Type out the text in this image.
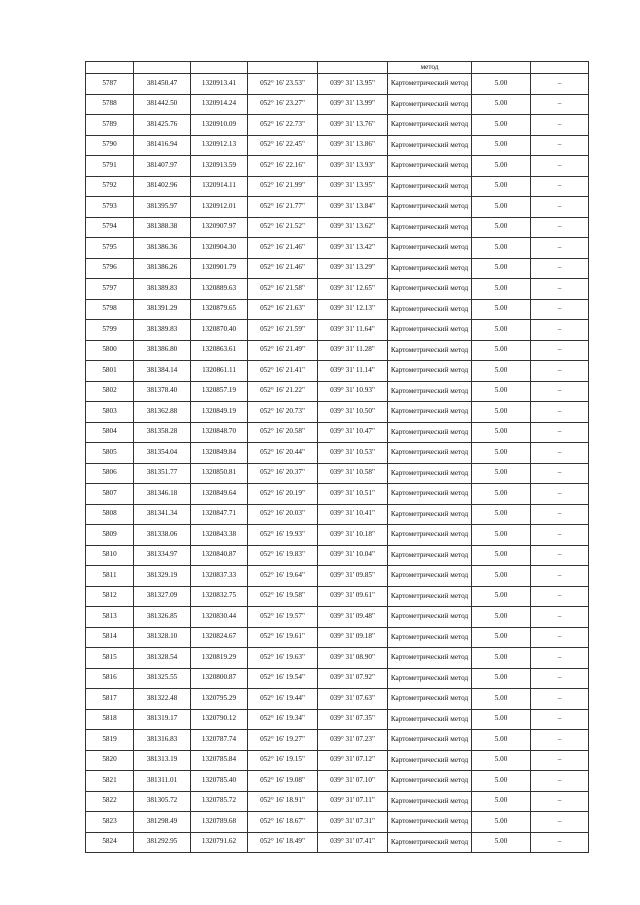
					метод		
5787	381450.47	1320913.41	052° 16' 23.53"	039° 31' 13.95"	Картометрический метод	5.00	–
5788	381442.50	1320914.24	052° 16' 23.27"	039° 31' 13.99"	Картометрический метод	5.00	–
5789	381425.76	1320910.09	052° 16' 22.73"	039° 31' 13.76"	Картометрический метод	5.00	–
5790	381416.94	1320912.13	052° 16' 22.45"	039° 31' 13.86"	Картометрический метод	5.00	–
5791	381407.97	1320913.59	052° 16' 22.16"	039° 31' 13.93"	Картометрический метод	5.00	–
5792	381402.96	1320914.11	052° 16' 21.99"	039° 31' 13.95"	Картометрический метод	5.00	–
5793	381395.97	1320912.01	052° 16' 21.77"	039° 31' 13.84"	Картометрический метод	5.00	–
5794	381388.38	1320907.97	052° 16' 21.52"	039° 31' 13.62"	Картометрический метод	5.00	–
5795	381386.36	1320904.30	052° 16' 21.46"	039° 31' 13.42"	Картометрический метод	5.00	–
5796	381386.26	1320901.79	052° 16' 21.46"	039° 31' 13.29"	Картометрический метод	5.00	–
5797	381389.83	1320889.63	052° 16' 21.58"	039° 31' 12.65"	Картометрический метод	5.00	–
5798	381391.29	1320879.65	052° 16' 21.63"	039° 31' 12.13"	Картометрический метод	5.00	–
5799	381389.83	1320870.40	052° 16' 21.59"	039° 31' 11.64"	Картометрический метод	5.00	–
5800	381386.80	1320863.61	052° 16' 21.49"	039° 31' 11.28"	Картометрический метод	5.00	–
5801	381384.14	1320861.11	052° 16' 21.41"	039° 31' 11.14"	Картометрический метод	5.00	–
5802	381378.40	1320857.19	052° 16' 21.22"	039° 31' 10.93"	Картометрический метод	5.00	–
5803	381362.88	1320849.19	052° 16' 20.73"	039° 31' 10.50"	Картометрический метод	5.00	–
5804	381358.28	1320848.70	052° 16' 20.58"	039° 31' 10.47"	Картометрический метод	5.00	–
5805	381354.04	1320849.84	052° 16' 20.44"	039° 31' 10.53"	Картометрический метод	5.00	–
5806	381351.77	1320850.81	052° 16' 20.37"	039° 31' 10.58"	Картометрический метод	5.00	–
5807	381346.18	1320849.64	052° 16' 20.19"	039° 31' 10.51"	Картометрический метод	5.00	–
5808	381341.34	1320847.71	052° 16' 20.03"	039° 31' 10.41"	Картометрический метод	5.00	–
5809	381338.06	1320843.38	052° 16' 19.93"	039° 31' 10.18"	Картометрический метод	5.00	–
5810	381334.97	1320840.87	052° 16' 19.83"	039° 31' 10.04"	Картометрический метод	5.00	–
5811	381329.19	1320837.33	052° 16' 19.64"	039° 31' 09.85"	Картометрический метод	5.00	–
5812	381327.09	1320832.75	052° 16' 19.58"	039° 31' 09.61"	Картометрический метод	5.00	–
5813	381326.85	1320830.44	052° 16' 19.57"	039° 31' 09.48"	Картометрический метод	5.00	–
5814	381328.10	1320824.67	052° 16' 19.61"	039° 31' 09.18"	Картометрический метод	5.00	–
5815	381328.54	1320819.29	052° 16' 19.63"	039° 31' 08.90"	Картометрический метод	5.00	–
5816	381325.55	1320800.87	052° 16' 19.54"	039° 31' 07.92"	Картометрический метод	5.00	–
5817	381322.48	1320795.29	052° 16' 19.44"	039° 31' 07.63"	Картометрический метод	5.00	–
5818	381319.17	1320790.12	052° 16' 19.34"	039° 31' 07.35"	Картометрический метод	5.00	–
5819	381316.83	1320787.74	052° 16' 19.27"	039° 31' 07.23"	Картометрический метод	5.00	–
5820	381313.19	1320785.84	052° 16' 19.15"	039° 31' 07.12"	Картометрический метод	5.00	–
5821	381311.01	1320785.40	052° 16' 19.08"	039° 31' 07.10"	Картометрический метод	5.00	–
5822	381305.72	1320785.72	052° 16' 18.91"	039° 31' 07.11"	Картометрический метод	5.00	–
5823	381298.49	1320789.68	052° 16' 18.67"	039° 31' 07.31"	Картометрический метод	5.00	–
5824	381292.95	1320791.62	052° 16' 18.49"	039° 31' 07.41"	Картометрический метод	5.00	–
